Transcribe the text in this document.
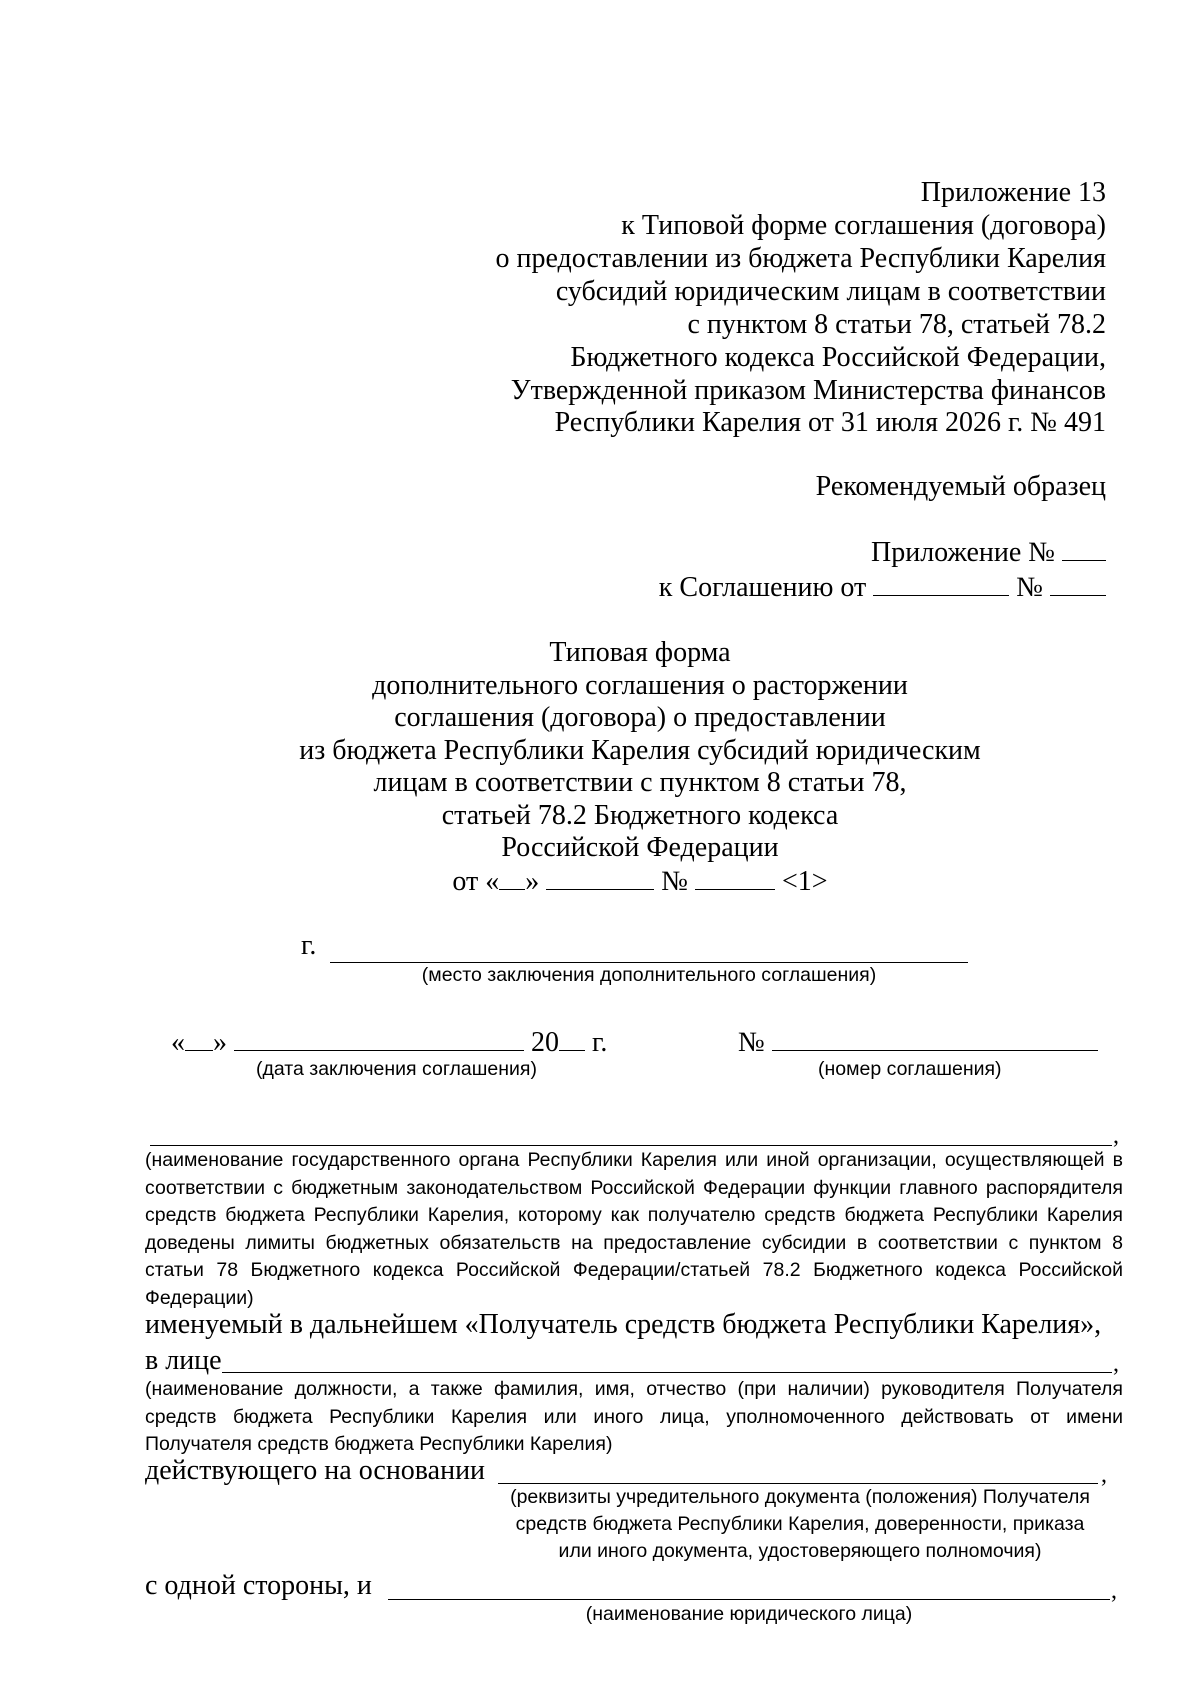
Приложение 13
к Типовой форме соглашения (договора)
о предоставлении из бюджета Республики Карелия
субсидий юридическим лицам в соответствии
с пунктом 8 статьи 78, статьей 78.2
Бюджетного кодекса Российской Федерации,
Утвержденной приказом Министерства финансов
Республики Карелия от 31 июля 2026 г. № 491
Рекомендуемый образец
Приложение №
к Соглашению от	№
Типовая форма
дополнительного соглашения о расторжении
соглашения (договора) о предоставлении
из бюджета Республики Карелия субсидий юридическим
лицам в соответствии с пунктом 8 статьи 78,
статьей 78.2 Бюджетного кодекса
Российской Федерации
от « »	№	<1>
г.
(место заключения дополнительного соглашения)
« »	20 г.	№
(дата заключения соглашения)	(номер соглашения)
,
(наименование государственного органа Республики Карелия или иной организации, осуществляющей в соответствии с бюджетным законодательством Российской Федерации функции главного распорядителя средств бюджета Республики Карелия, которому как получателю средств бюджета Республики Карелия доведены лимиты бюджетных обязательств на предоставление субсидии в соответствии с пунктом 8 статьи 78 Бюджетного кодекса Российской Федерации/статьей 78.2 Бюджетного кодекса Российской Федерации)
именуемый в дальнейшем «Получатель средств бюджета Республики Карелия»,
в лице	,
(наименование должности, а также фамилия, имя, отчество (при наличии) руководителя Получателя средств бюджета Республики Карелия или иного лица, уполномоченного действовать от имени Получателя средств бюджета Республики Карелия)
действующего на основании	,
(реквизиты учредительного документа (положения) Получателя
средств бюджета Республики Карелия, доверенности, приказа
или иного документа, удостоверяющего полномочия)
с одной стороны, и	,
(наименование юридического лица)
